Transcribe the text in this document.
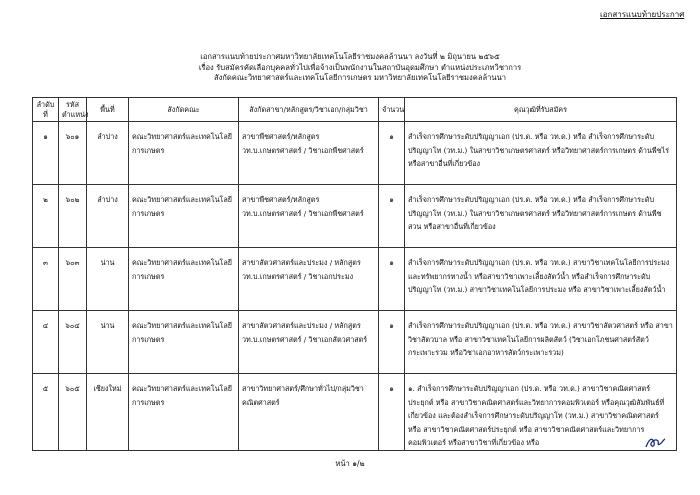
เอกสารแนบท้ายประกาศ
เอกสารแนบท้ายประกาศมหาวิทยาลัยเทคโนโลยีราชมงคลล้านนา ลงวันที่ ๒ มิถุนายน ๒๕๖๕
เรื่อง รับสมัครคัดเลือกบุคคลทั่วไปเพื่อจ้างเป็นพนักงานในสถาบันอุดมศึกษา ตำแหน่งประเภทวิชาการ
สังกัดคณะวิทยาศาสตร์และเทคโนโลยีการเกษตร มหาวิทยาลัยเทคโนโลยีราชมงคลล้านนา
ลำดับที่	รหัสตำแหน่ง	พื้นที่	สังกัดคณะ	สังกัดสาขา/หลักสูตร/วิชาเอก/กลุ่มวิชา	จำนวน	คุณวุฒิที่รับสมัคร
๑	๖๐๑	ลำปาง	คณะวิทยาศาสตร์และเทคโนโลยีการเกษตร	สาขาพืชศาสตร์/หลักสูตร วท.บ.เกษตรศาสตร์ / วิชาเอกพืชศาสตร์	๑	สำเร็จการศึกษาระดับปริญญาเอก (ปร.ด. หรือ วท.ด.) หรือ สำเร็จการศึกษาระดับปริญญาโท (วท.ม.) ในสาขาวิชาเกษตรศาสตร์ หรือวิทยาศาสตร์การเกษตร ด้านพืชไร่ หรือสาขาอื่นที่เกี่ยวข้อง
๒	๖๐๒	ลำปาง	คณะวิทยาศาสตร์และเทคโนโลยีการเกษตร	สาขาพืชศาสตร์/หลักสูตร วท.บ.เกษตรศาสตร์ / วิชาเอกพืชศาสตร์	๑	สำเร็จการศึกษาระดับปริญญาเอก (ปร.ด. หรือ วท.ด.) หรือ สำเร็จการศึกษาระดับปริญญาโท (วท.ม.) ในสาขาวิชาเกษตรศาสตร์ หรือวิทยาศาสตร์การเกษตร ด้านพืชสวน หรือสาขาอื่นที่เกี่ยวข้อง
๓	๖๐๓	น่าน	คณะวิทยาศาสตร์และเทคโนโลยีการเกษตร	สาขาสัตวศาสตร์และประมง / หลักสูตร วท.บ.เกษตรศาสตร์ / วิชาเอกประมง	๑	สำเร็จการศึกษาระดับปริญญาเอก (ปร.ด. หรือ วท.ด.) สาขาวิชาเทคโนโลยีการประมงและทรัพยากรทางน้ำ หรือสาขาวิชาเพาะเลี้ยงสัตว์น้ำ หรือสำเร็จการศึกษาระดับปริญญาโท (วท.ม.) สาขาวิชาเทคโนโลยีการประมง หรือ สาขาวิชาเพาะเลี้ยงสัตว์น้ำ
๔	๖๐๔	น่าน	คณะวิทยาศาสตร์และเทคโนโลยีการเกษตร	สาขาสัตวศาสตร์และประมง / หลักสูตร วท.บ.เกษตรศาสตร์ / วิชาเอกสัตวศาสตร์	๑	สำเร็จการศึกษาระดับปริญญาเอก (ปร.ด. หรือ วท.ด.) สาขาวิชาสัตวศาสตร์ หรือ สาขาวิชาสัตวบาล หรือ สาขาวิชาเทคโนโลยีการผลิตสัตว์ (วิชาเอกโภชนศาสตร์สัตว์กระเพาะรวม หรือวิชาเอกอาหารสัตว์กระเพาะรวม)
๕	๖๐๕	เชียงใหม่	คณะวิทยาศาสตร์และเทคโนโลยีการเกษตร	สาขาวิทยาศาสตร์/ศึกษาทั่วไป/กลุ่มวิชาคณิตศาสตร์	๑	๑. สำเร็จการศึกษาระดับปริญญาเอก (ปร.ด. หรือ วท.ด.) สาขาวิชาคณิตศาสตร์ประยุกต์ หรือ สาขาวิชาคณิตศาสตร์และวิทยาการคอมพิวเตอร์ หรือคุณวุฒิสัมพันธ์ที่เกี่ยวข้อง และต้องสำเร็จการศึกษาระดับปริญญาโท (วท.ม.) สาขาวิชาคณิตศาสตร์ หรือ สาขาวิชาคณิตศาสตร์ประยุกต์ หรือ สาขาวิชาคณิตศาสตร์และวิทยาการคอมพิวเตอร์ หรือสาขาวิชาที่เกี่ยวข้อง หรือ
หน้า ๑/๒
